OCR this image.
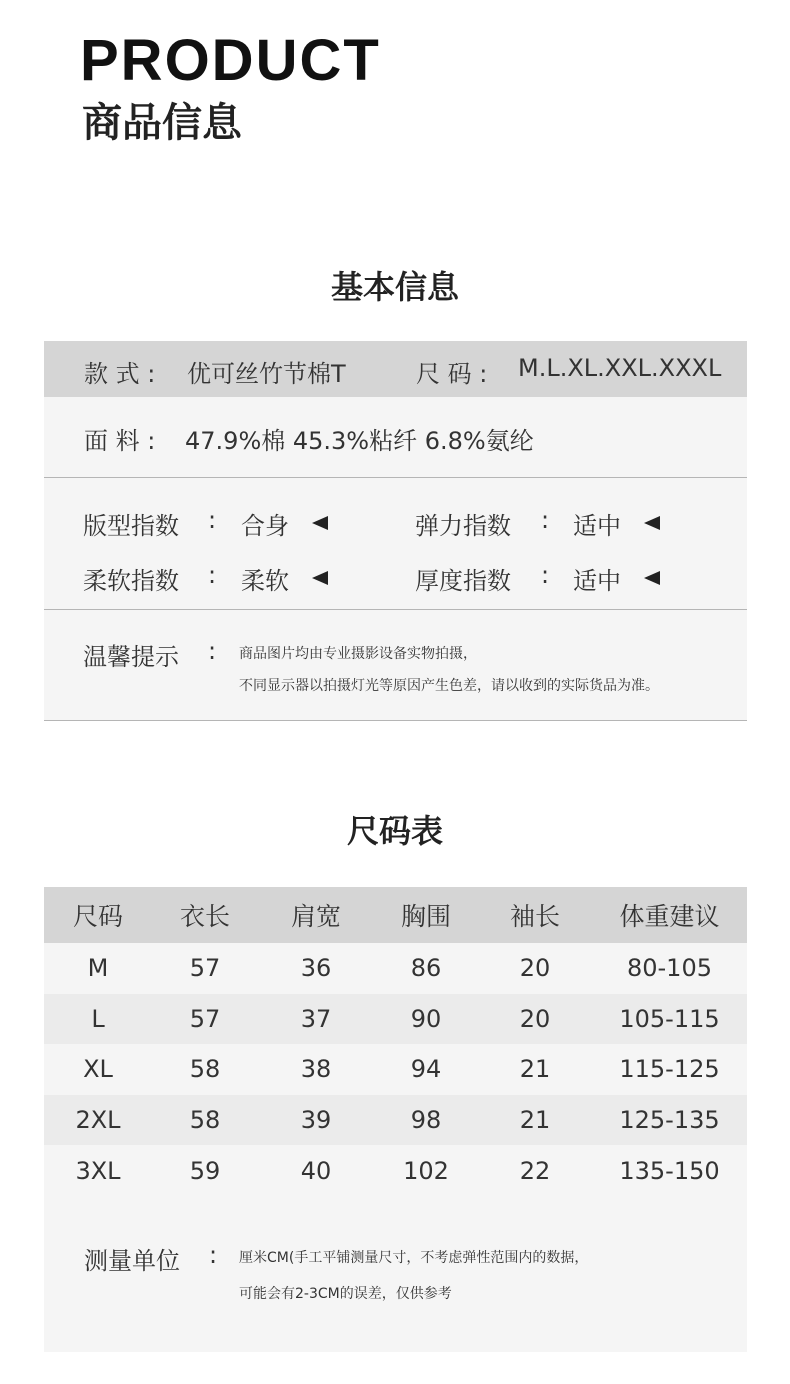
PRODUCT
商品信息
基本信息
款 式 : 优可丝竹节棉T	尺 码 : M.L.XL.XXL.XXXL
面 料 : 47.9%棉 45.3%粘纤 6.8%氨纶
版型指数 : 合身	弹力指数 : 适中
柔软指数 : 柔软	厚度指数 : 适中
温馨提示 : 商品图片均由专业摄影设备实物拍摄，
不同显示器以拍摄灯光等原因产生色差，请以收到的实际货品为准。
尺码表
尺码	衣长	肩宽	胸围	袖长	体重建议
M	57	36	86	20	80-105
L	57	37	90	20	105-115
XL	58	38	94	21	115-125
2XL	58	39	98	21	125-135
3XL	59	40	102	22	135-150
测量单位 : 厘米CM(手工平铺测量尺寸，不考虑弹性范围内的数据，
可能会有2-3CM的误差，仅供参考
